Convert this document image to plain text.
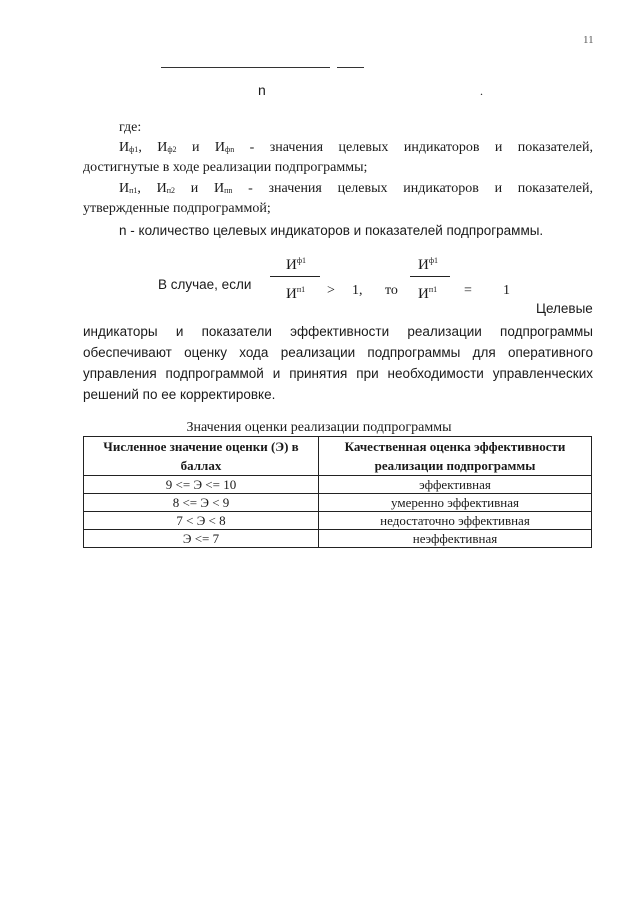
11
n	.
где:
$И_{ф1}$, $И_{ф2}$ и $И_{фn}$ - значения целевых индикаторов и показателей,
достигнутые в ходе реализации подпрограммы;
$И_{п1}$, $И_{п2}$ и $И_{пn}$ - значения целевых индикаторов и показателей,
утвержденные подпрограммой;
n - количество целевых индикаторов и показателей подпрограммы.
В случае, если
$И^{ф1}$
$И^{п1}$	> 1, то
$И^{ф1}$
$И^{п1}$	= 1
Целевые
индикаторы и показатели эффективности реализации подпрограммы
обеспечивают оценку хода реализации подпрограммы для оперативного
управления подпрограммой и принятия при необходимости управленческих
решений по ее корректировке.
Значения оценки реализации подпрограммы
Численное значение оценки (Э) в баллах	Качественная оценка эффективности реализации подпрограммы
9 <= Э <= 10	эффективная
8 <= Э < 9	умеренно эффективная
7 < Э < 8	недостаточно эффективная
Э <= 7	неэффективная
